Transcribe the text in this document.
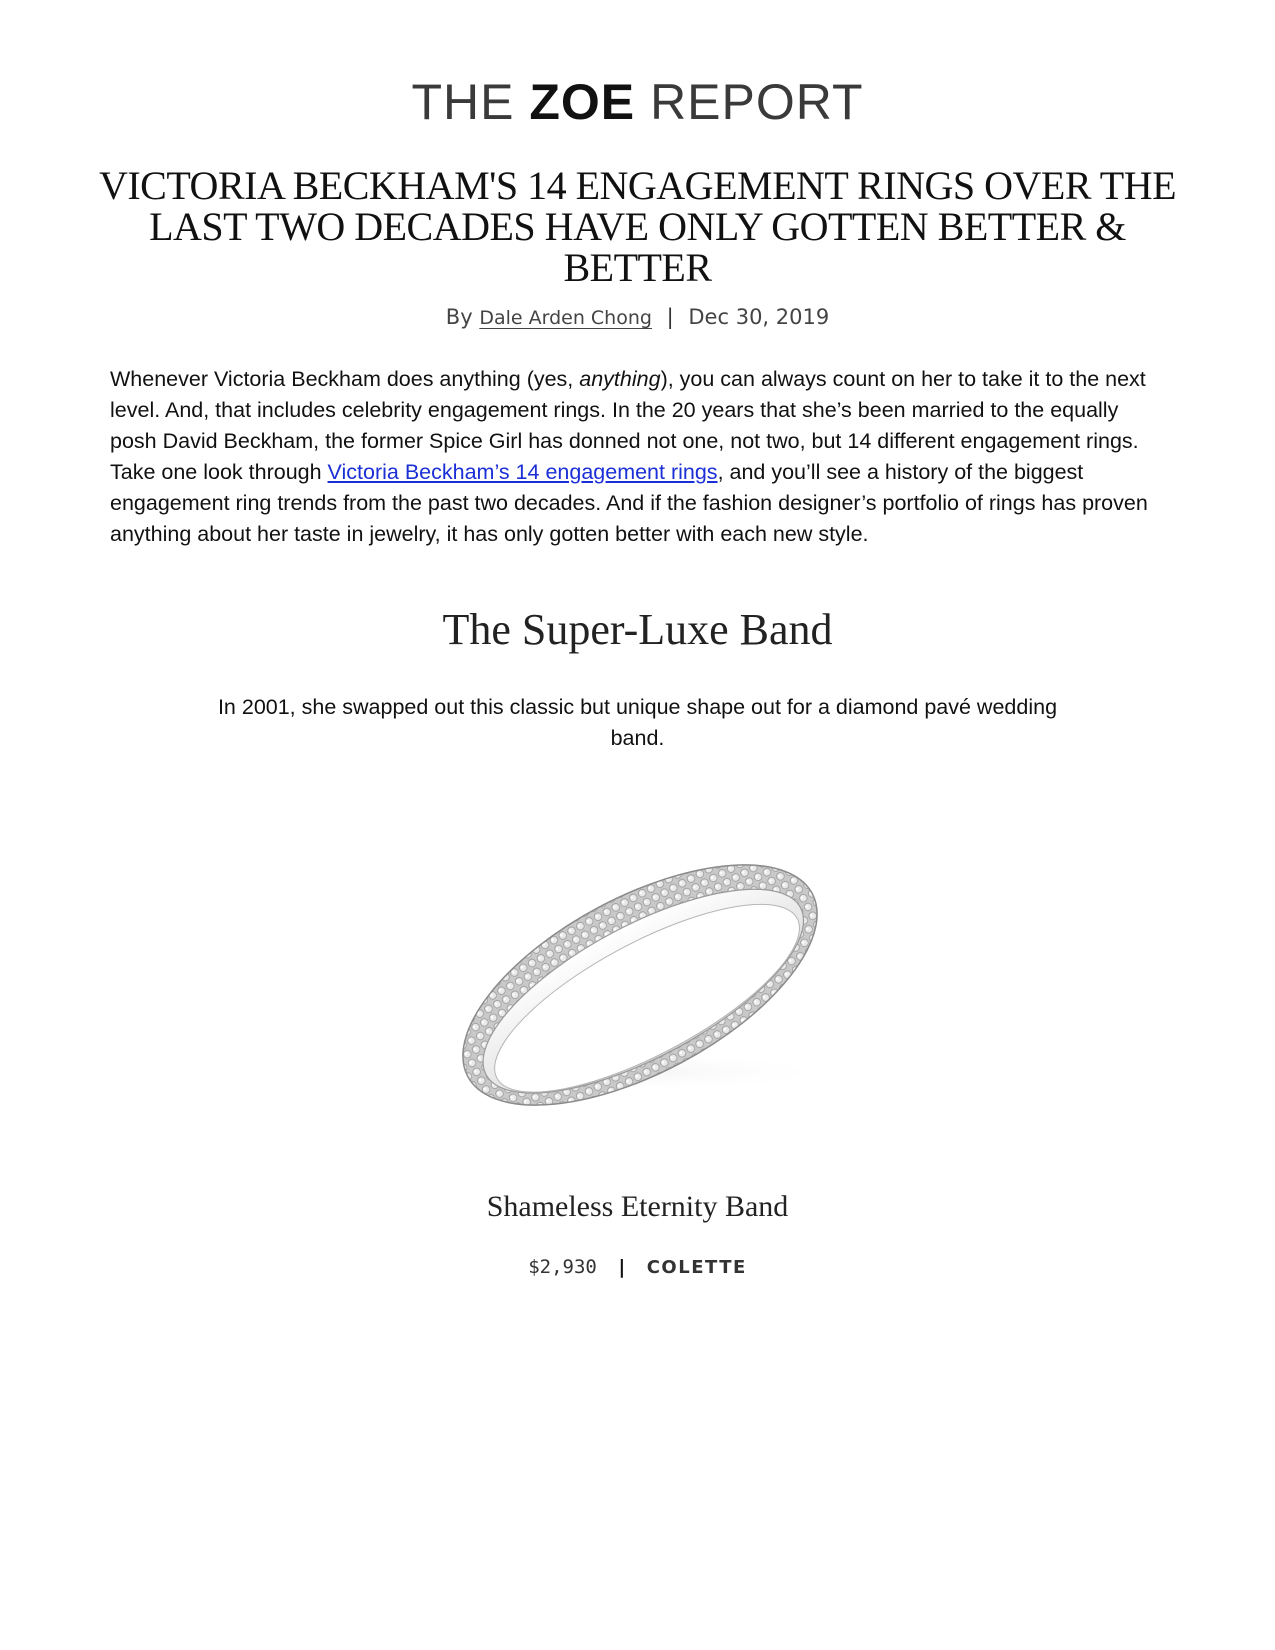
THE ZOE REPORT
VICTORIA BECKHAM'S 14 ENGAGEMENT RINGS OVER THE LAST TWO DECADES HAVE ONLY GOTTEN BETTER & BETTER
By Dale Arden Chong | Dec 30, 2019

Whenever Victoria Beckham does anything (yes, anything), you can always count on her to take it to the next level. And, that includes celebrity engagement rings. In the 20 years that she’s been married to the equally posh David Beckham, the former Spice Girl has donned not one, not two, but 14 different engagement rings. Take one look through Victoria Beckham’s 14 engagement rings, and you’ll see a history of the biggest engagement ring trends from the past two decades. And if the fashion designer’s portfolio of rings has proven anything about her taste in jewelry, it has only gotten better with each new style.

The Super-Luxe Band

In 2001, she swapped out this classic but unique shape out for a diamond pavé wedding band.

Shameless Eternity Band
$2,930 | COLETTE
